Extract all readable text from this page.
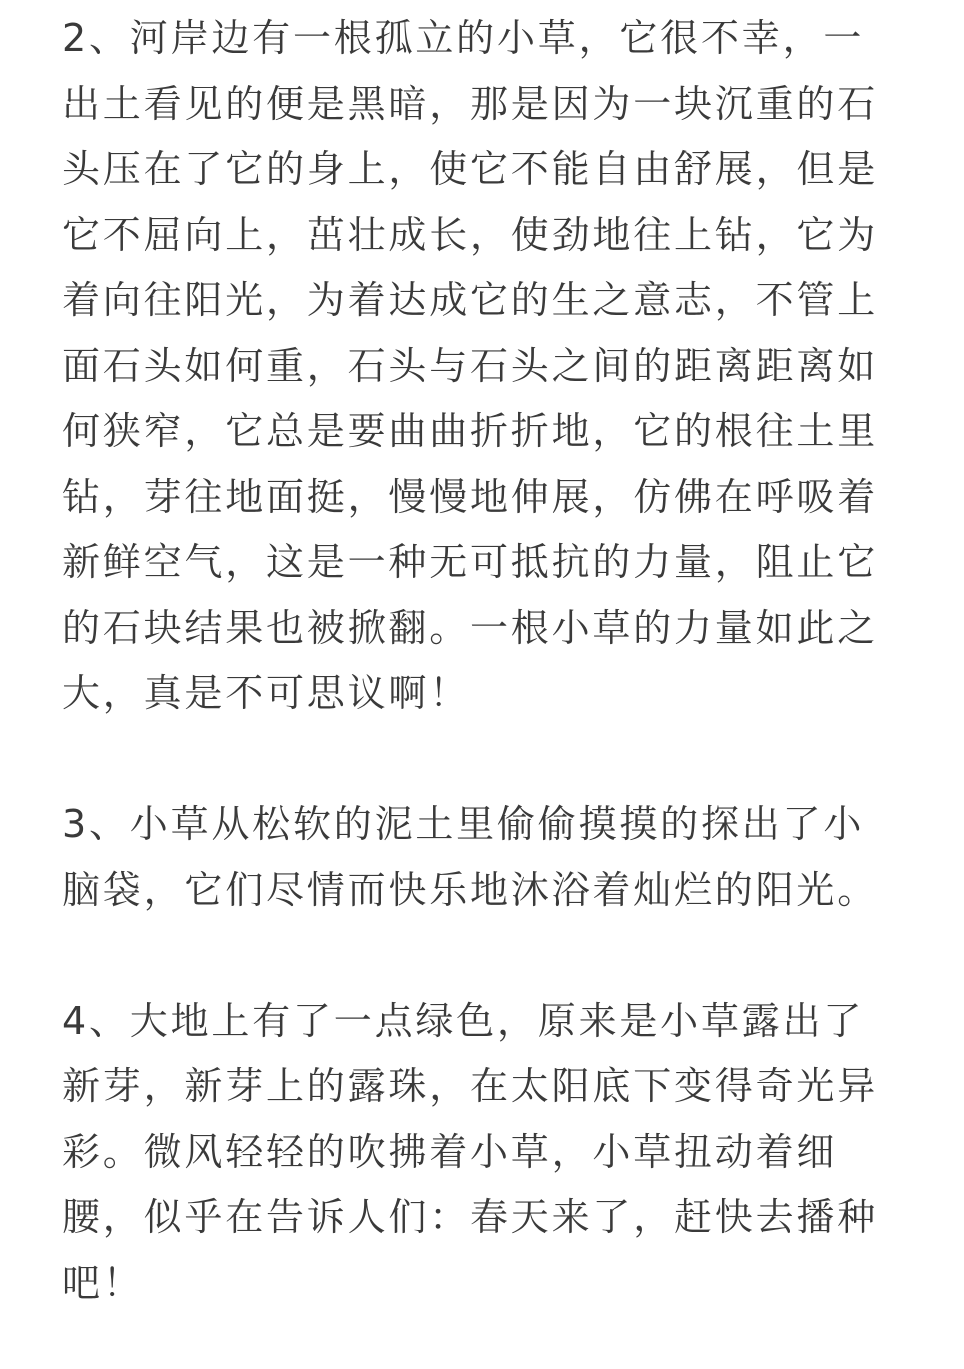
2、河岸边有一根孤立的小草，它很不幸，一
出土看见的便是黑暗，那是因为一块沉重的石
头压在了它的身上，使它不能自由舒展，但是
它不屈向上，茁壮成长，使劲地往上钻，它为
着向往阳光，为着达成它的生之意志，不管上
面石头如何重，石头与石头之间的距离距离如
何狭窄，它总是要曲曲折折地，它的根往土里
钻，芽往地面挺，慢慢地伸展，仿佛在呼吸着
新鲜空气，这是一种无可抵抗的力量，阻止它
的石块结果也被掀翻。一根小草的力量如此之
大，真是不可思议啊！
3、小草从松软的泥土里偷偷摸摸的探出了小
脑袋，它们尽情而快乐地沐浴着灿烂的阳光。
4、大地上有了一点绿色，原来是小草露出了
新芽，新芽上的露珠，在太阳底下变得奇光异
彩。微风轻轻的吹拂着小草，小草扭动着细
腰，似乎在告诉人们：春天来了，赶快去播种
吧！
